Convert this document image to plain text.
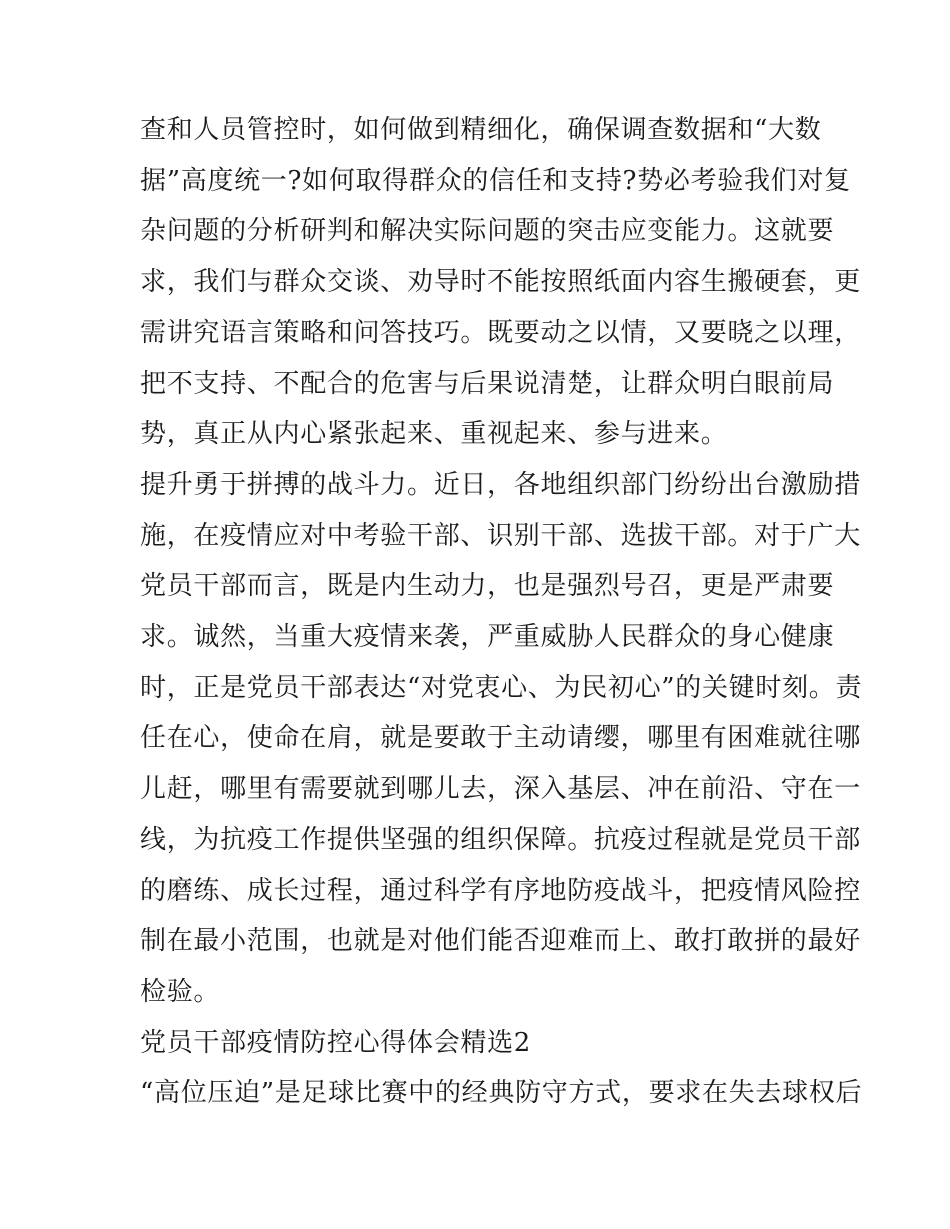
查和人员管控时，如何做到精细化，确保调查数据和“大数
据”高度统一?如何取得群众的信任和支持?势必考验我们对复
杂问题的分析研判和解决实际问题的突击应变能力。这就要
求，我们与群众交谈、劝导时不能按照纸面内容生搬硬套，更
需讲究语言策略和问答技巧。既要动之以情，又要晓之以理，
把不支持、不配合的危害与后果说清楚，让群众明白眼前局
势，真正从内心紧张起来、重视起来、参与进来。
提升勇于拼搏的战斗力。近日，各地组织部门纷纷出台激励措
施，在疫情应对中考验干部、识别干部、选拔干部。对于广大
党员干部而言，既是内生动力，也是强烈号召，更是严肃要
求。诚然，当重大疫情来袭，严重威胁人民群众的身心健康
时，正是党员干部表达“对党衷心、为民初心”的关键时刻。责
任在心，使命在肩，就是要敢于主动请缨，哪里有困难就往哪
儿赶，哪里有需要就到哪儿去，深入基层、冲在前沿、守在一
线，为抗疫工作提供坚强的组织保障。抗疫过程就是党员干部
的磨练、成长过程，通过科学有序地防疫战斗，把疫情风险控
制在最小范围，也就是对他们能否迎难而上、敢打敢拼的最好
检验。
党员干部疫情防控心得体会精选2
“高位压迫”是足球比赛中的经典防守方式，要求在失去球权后
